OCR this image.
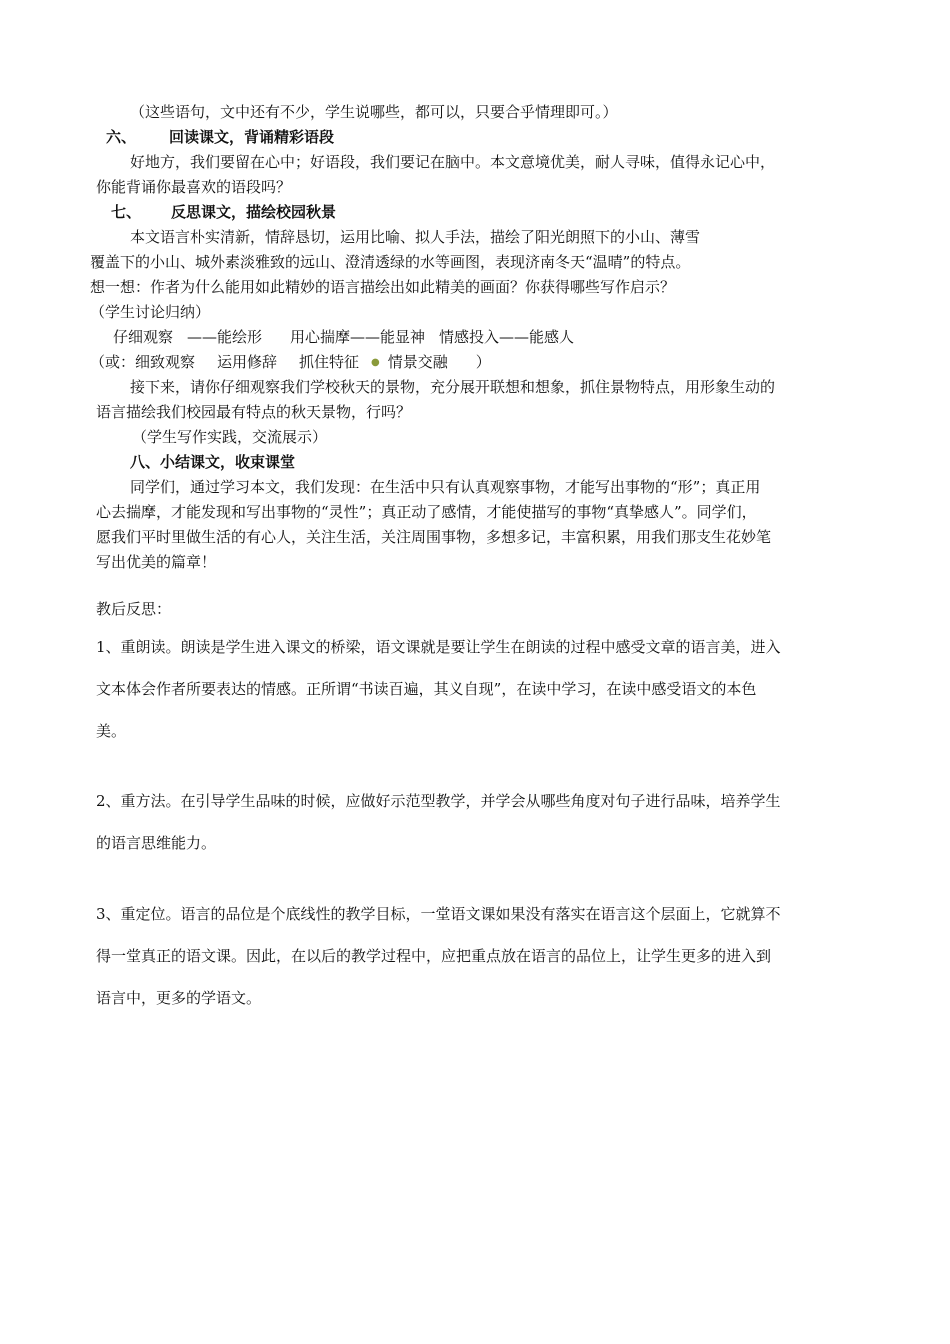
（这些语句，文中还有不少，学生说哪些，都可以，只要合乎情理即可。）
六、 回读课文，背诵精彩语段
好地方，我们要留在心中；好语段，我们要记在脑中。本文意境优美，耐人寻味，值得永记心中，
你能背诵你最喜欢的语段吗？
七、 反思课文，描绘校园秋景
本文语言朴实清新，情辞恳切，运用比喻、拟人手法，描绘了阳光朗照下的小山、薄雪
覆盖下的小山、城外素淡雅致的远山、澄清透绿的水等画图，表现济南冬天“温晴”的特点。
想一想：作者为什么能用如此精妙的语言描绘出如此精美的画面？你获得哪些写作启示？
（学生讨论归纳）
仔细观察 ——能绘形 用心揣摩——能显神 情感投入——能感人
（或：细致观察 运用修辞 抓住特征 ● 情景交融 ）
接下来，请你仔细观察我们学校秋天的景物，充分展开联想和想象，抓住景物特点，用形象生动的
语言描绘我们校园最有特点的秋天景物，行吗？
（学生写作实践，交流展示）
八、小结课文，收束课堂
同学们，通过学习本文，我们发现：在生活中只有认真观察事物，才能写出事物的“形”；真正用
心去揣摩，才能发现和写出事物的“灵性”；真正动了感情，才能使描写的事物“真挚感人”。同学们，
愿我们平时里做生活的有心人，关注生活，关注周围事物，多想多记，丰富积累，用我们那支生花妙笔
写出优美的篇章！
教后反思：
1、重朗读。朗读是学生进入课文的桥梁，语文课就是要让学生在朗读的过程中感受文章的语言美，进入
文本体会作者所要表达的情感。正所谓“书读百遍，其义自现”，在读中学习，在读中感受语文的本色
美。
2、重方法。在引导学生品味的时候，应做好示范型教学，并学会从哪些角度对句子进行品味，培养学生
的语言思维能力。
3、重定位。语言的品位是个底线性的教学目标，一堂语文课如果没有落实在语言这个层面上，它就算不
得一堂真正的语文课。因此，在以后的教学过程中，应把重点放在语言的品位上，让学生更多的进入到
语言中，更多的学语文。
